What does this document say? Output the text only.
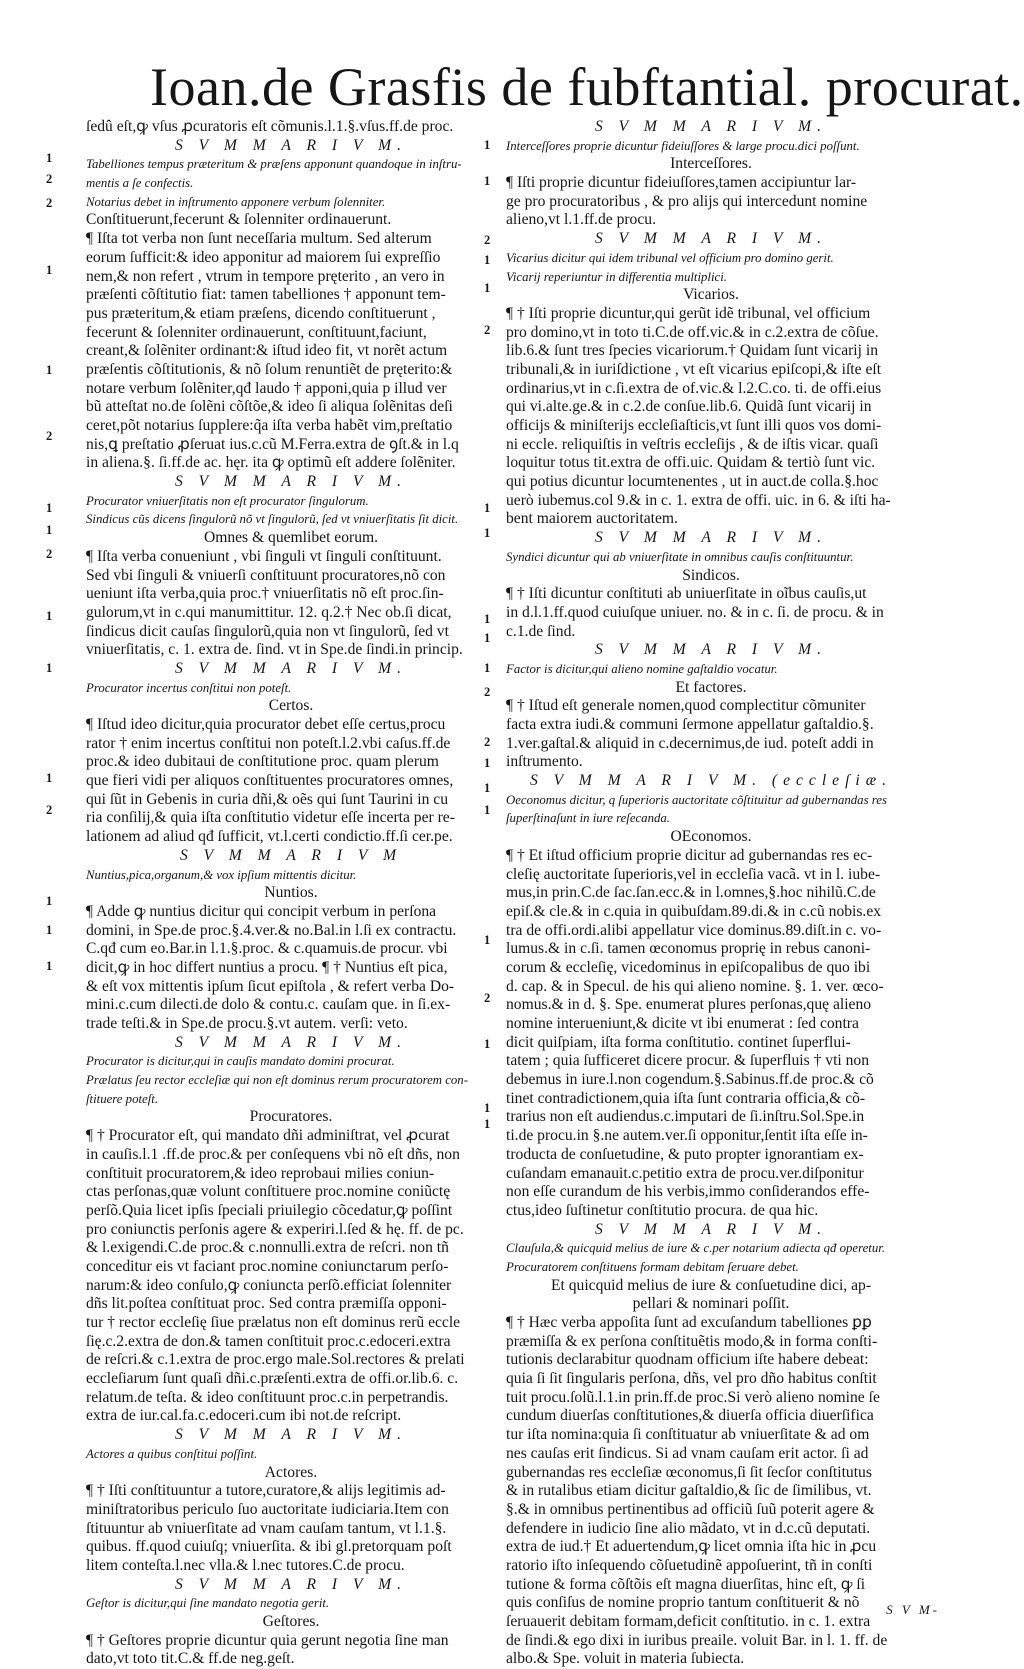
Ioan.de Grasfis de fubftantial. procurat.
ſedû eſt,ꝙ vſus ꝓcuratoris eſt cõmunis.l.1.§.vſus.ff.de proc.
S V M M A R I V M.
Tabelliones tempus præteritum & præſens apponunt quandoque in inſtru-
mentis a ſe confectis.
Notarius debet in inſtrumento apponere verbum ſolenniter.
Conſtituerunt,fecerunt & ſolenniter ordinauerunt.
¶ Iſta tot verba non ſunt neceſſaria multum. Sed alterum
eorum ſufficit:& ideo apponitur ad maiorem ſui expreſſio
nem,& non refert , vtrum in tempore pręterito , an vero in
præſenti cõſtitutio fiat: tamen tabelliones † apponunt tem-
pus præteritum,& etiam præſens, dicendo conſtituerunt ,
fecerunt & ſolenniter ordinauerunt, conſtituunt,faciunt,
creant,& ſolẽniter ordinant:& iſtud ideo fit, vt norẽt actum
præſentis cõſtitutionis, & nõ ſolum renuntiẽt de pręterito:&
notare verbum ſolẽniter,qđ laudo † apponi,quia p illud ver
bũ atteſtat no.de ſolẽni cõſtõe,& ideo ſi aliqua ſolẽnitas deſi
ceret,põt notarius ſupplere:q̃a iſta verba habẽt vim,preſtatio
nis,ꝗ preſtatio ꝓſeruat ius.c.cũ M.Ferra.extra de ꝯſt.& in l.q
in aliena.§. ſi.ff.de ac. hęr. ita ꝙ optimũ eſt addere ſolẽniter.
S V M M A R I V M.
Procurator vniuerſitatis non eſt procurator ſingulorum.
Sindicus cũs dicens ſingulorũ nõ vt ſingulorũ, ſed vt vniuerſitatis ſit dicit.
Omnes & quemlibet eorum.
¶ Iſta verba conueniunt , vbi ſinguli vt ſinguli conſtituunt.
Sed vbi ſinguli & vniuerſi conſtituunt procuratores,nõ con
ueniunt iſta verba,quia proc.† vniuerſitatis nõ eſt proc.ſin-
gulorum,vt in c.qui manumittitur. 12. q.2.† Nec ob.ſi dicat,
ſindicus dicit cauſas ſingulorũ,quia non vt ſingulorũ, ſed vt
vniuerſitatis, c. 1. extra de. ſind. vt in Spe.de ſindi.in princip.
S V M M A R I V M.
Procurator incertus conſtitui non poteſt.
Certos.
¶ Iſtud ideo dicitur,quia procurator debet eſſe certus,procu
rator † enim incertus conſtitui non poteſt.l.2.vbi caſus.ff.de
proc.& ideo dubitaui de conſtitutione proc. quam plerum
que fieri vidi per aliquos conſtituentes procuratores omnes,
qui ſũt in Gebenis in curia dñi,& oẽs qui ſunt Taurini in cu
ria conſilij,& quia iſta conſtitutio videtur eſſe incerta per re-
lationem ad aliud qđ ſufficit, vt.l.certi condictio.ff.ſi cer.pe.
S V M M A R I V M
Nuntius,pica,organum,& vox ipſium mittentis dicitur.
Nuntios.
¶ Adde ꝙ nuntius dicitur qui concipit verbum in perſona
domini, in Spe.de proc.§.4.ver.& no.Bal.in l.ſi ex contractu.
C.qđ cum eo.Bar.in l.1.§.proc. & c.quamuis.de procur. vbi
dicit,ꝙ in hoc differt nuntius a procu. ¶ † Nuntius eſt pica,
& eſt vox mittentis ipſum ſicut epiſtola , & refert verba Do-
mini.c.cum dilecti.de dolo & contu.c. cauſam que. in ſi.ex-
trade teſti.& in Spe.de procu.§.vt autem. verſi: veto.
S V M M A R I V M.
Procurator is dicitur,qui in cauſis mandato domini procurat.
Prælatus ſeu rector eccleſiæ qui non eſt dominus rerum procuratorem con-
ſtituere poteſt.
Procuratores.
¶ † Procurator eſt, qui mandato dñi adminiſtrat, vel ꝓcurat
in cauſis.l.1 .ff.de proc.& per conſequens vbi nõ eſt dñs, non
conſtituit procuratorem,& ideo reprobaui milies coniun-
ctas perſonas,quæ volunt conſtituere proc.nomine coniũctę
perſõ.Quia licet ipſis ſpeciali priuilegio cõcedatur,ꝙ poſſint
pro coniunctis perſonis agere & experiri.l.ſed & hę. ff. de pc.
& l.exigendi.C.de proc.& c.nonnulli.extra de reſcri. non tñ
conceditur eis vt faciant proc.nomine coniunctarum perſo-
narum:& ideo conſulo,ꝙ coniuncta perſõ.efficiat ſolenniter
dñs lit.poſtea conſtituat proc. Sed contra præmiſſa opponi-
tur † rector eccleſię ſiue prælatus non eſt dominus rerũ eccle
ſię.c.2.extra de don.& tamen conſtituit proc.c.edoceri.extra
de reſcri.& c.1.extra de proc.ergo male.Sol.rectores & prelati
eccleſiarum ſunt quaſi dñi.c.præſenti.extra de offi.or.lib.6. c.
relatum.de teſta. & ideo conſtituunt proc.c.in perpetrandis.
extra de iur.cal.fa.c.edoceri.cum ibi not.de reſcript.
S V M M A R I V M.
Actores a quibus conſtitui poſſint.
Actores.
¶ † Iſti conſtituuntur a tutore,curatore,& alijs legitimis ad-
miniſtratoribus periculo ſuo auctoritate iudiciaria.Item con
ſtituuntur ab vniuerſitate ad vnam cauſam tantum, vt l.1.§.
quibus. ff.quod cuiuſq; vniuerſita. & ibi gl.pretorquam poſt
litem conteſta.l.nec vlla.& l.nec tutores.C.de procu.
S V M M A R I V M.
Geſtor is dicitur,qui ſine mandato negotia gerit.
Geſtores.
¶ † Geſtores proprie dicuntur quia gerunt negotia ſine man
dato,vt toto tit.C.& ff.de neg.geſt.
S V M M A R I V M.
Interceſſores proprie dicuntur fideiuſſores & large procu.dici poſſunt.
Interceſſores.
¶ Iſti proprie dicuntur fideiuſſores,tamen accipiuntur lar-
ge pro procuratoribus , & pro alijs qui intercedunt nomine
alieno,vt l.1.ff.de procu.
S V M M A R I V M.
Vicarius dicitur qui idem tribunal vel officium pro domino gerit.
Vicarij reperiuntur in differentia multiplici.
Vicarios.
¶ † Iſti proprie dicuntur,qui gerũt idẽ tribunal, vel officium
pro domino,vt in toto ti.C.de off.vic.& in c.2.extra de cõſue.
lib.6.& ſunt tres ſpecies vicariorum.† Quidam ſunt vicarij in
tribunali,& in iuriſdictione , vt eſt vicarius epiſcopi,& iſte eſt
ordinarius,vt in c.ſi.extra de of.vic.& l.2.C.co. ti. de offi.eius
qui vi.alte.ge.& in c.2.de conſue.lib.6. Quidã ſunt vicarij in
officijs & miniſterijs eccleſiaſticis,vt ſunt illi quos vos domi-
ni eccle. reliquiſtis in veſtris eccleſijs , & de iſtis vicar. quaſi
loquitur totus tit.extra de offi.uic. Quidam & tertiò ſunt vic.
qui potius dicuntur locumtenentes , ut in auct.de colla.§.hoc
uerò iubemus.col 9.& in c. 1. extra de offi. uic. in 6. & iſti ha-
bent maiorem auctoritatem.
S V M M A R I V M.
Syndici dicuntur qui ab vniuerſitate in omnibus cauſis conſtituuntur.
Sindicos.
¶ † Iſti dicuntur conſtituti ab uniuerſitate in oĩbus cauſis,ut
in d.l.1.ff.quod cuiuſque uniuer. no. & in c. ſi. de procu. & in
c.1.de ſind.
S V M M A R I V M.
Factor is dicitur,qui alieno nomine gaſtaldio vocatur.
Et factores.
¶ † Iſtud eſt generale nomen,quod complectitur cõmuniter
facta extra iudi.& communi ſermone appellatur gaſtaldio.§.
1.ver.gaſtal.& aliquid in c.decernimus,de iud. poteſt addi in
inſtrumento.
S V M M A R I V M. (eccleſiæ.
Oeconomus dicitur, q ſuperioris auctoritate cõſtituitur ad gubernandas res
ſuperſtinaſunt in iure reſecanda.
OEconomos.
¶ † Et iſtud officium proprie dicitur ad gubernandas res ec-
cleſię auctoritate ſuperioris,vel in eccleſia vacã. vt in l. iube-
mus,in prin.C.de ſac.ſan.ecc.& in l.omnes,§.hoc nihilũ.C.de
epiſ.& cle.& in c.quia in quibuſdam.89.di.& in c.cũ nobis.ex
tra de offi.ordi.alibi appellatur vice dominus.89.diſt.in c. vo-
lumus.& in c.ſi. tamen œconomus proprię in rebus canoni-
corum & eccleſię, vicedominus in epiſcopalibus de quo ibi
d. cap. & in Specul. de his qui alieno nomine. §. 1. ver. œco-
nomus.& in d. §. Spe. enumerat plures perſonas,quę alieno
nomine interueniunt,& dicite vt ibi enumerat : ſed contra
dicit quiſpiam, iſta forma conſtitutio. continet ſuperflui-
tatem ; quia ſufficeret dicere procur. & ſuperfluis † vti non
debemus in iure.l.non cogendum.§.Sabinus.ff.de proc.& cõ
tinet contradictionem,quia iſta ſunt contraria officia,& cõ-
trarius non eſt audiendus.c.imputari de ſi.inſtru.Sol.Spe.in
ti.de procu.in §.ne autem.ver.ſi opponitur,ſentit iſta eſſe in-
troducta de conſuetudine, & puto propter ignorantiam ex-
cuſandam emanauit.c.petitio extra de procu.ver.diſponitur
non eſſe curandum de his verbis,immo conſiderandos effe-
ctus,ideo ſuſtinetur conſtitutio procura. de qua hic.
S V M M A R I V M.
Clauſula,& quicquid melius de iure & c.per notarium adiecta qđ operetur.
Procuratorem conſtituens formam debitam ſeruare debet.
Et quicquid melius de iure & conſuetudine dici, ap-
pellari & nominari poſſit.
¶ † Hæc verba appoſita ſunt ad excuſandum tabelliones ꝑꝑ
præmiſſa & ex perſona conſtituẽtis modo,& in forma conſti-
tutionis declarabitur quodnam officium iſte habere debeat:
quia ſi ſit ſingularis perſona, dñs, vel pro dño habitus conſtit
tuit procu.ſolũ.l.1.in prin.ff.de proc.Si verò alieno nomine ſe
cundum diuerſas conſtitutiones,& diuerſa officia diuerſifica
tur iſta nomina:quia ſi conſtituatur ab vniuerſitate & ad om
nes cauſas erit ſindicus. Si ad vnam cauſam erit actor. ſi ad
gubernandas res eccleſiæ œconomus,ſi ſit ſecſor conſtitutus
& in rutalibus etiam dicitur gaſtaldio,& ſic de ſimilibus, vt.
§.& in omnibus pertinentibus ad officiũ ſuũ poterit agere &
defendere in iudicio ſine alio mãdato, vt in d.c.cũ deputati.
extra de iud.† Et aduertendum,ꝙ licet omnia iſta hic in ꝓcu
ratorio iſto inſequendo cõſuetudinẽ appoſuerint, tñ in conſti
tutione & forma cõſtõis eſt magna diuerſitas, hinc eſt, ꝙ ſi
quis conſiſus de nomine proprio tantum conſtituerit & nõ
ſeruauerit debitam formam,deficit conſtitutio. in c. 1. extra
de ſindi.& ego dixi in iuribus preaile. voluit Bar. in l. 1. ff. de
albo.& Spe. voluit in materia ſubiecta.
1
2
2
1
1
2
1
1
2
1
1
1
2
1
1
1
1
1
2
1
1
2
1
1
1
1
1
2
2
1
1
1
1
2
1
1
1
S V M-
